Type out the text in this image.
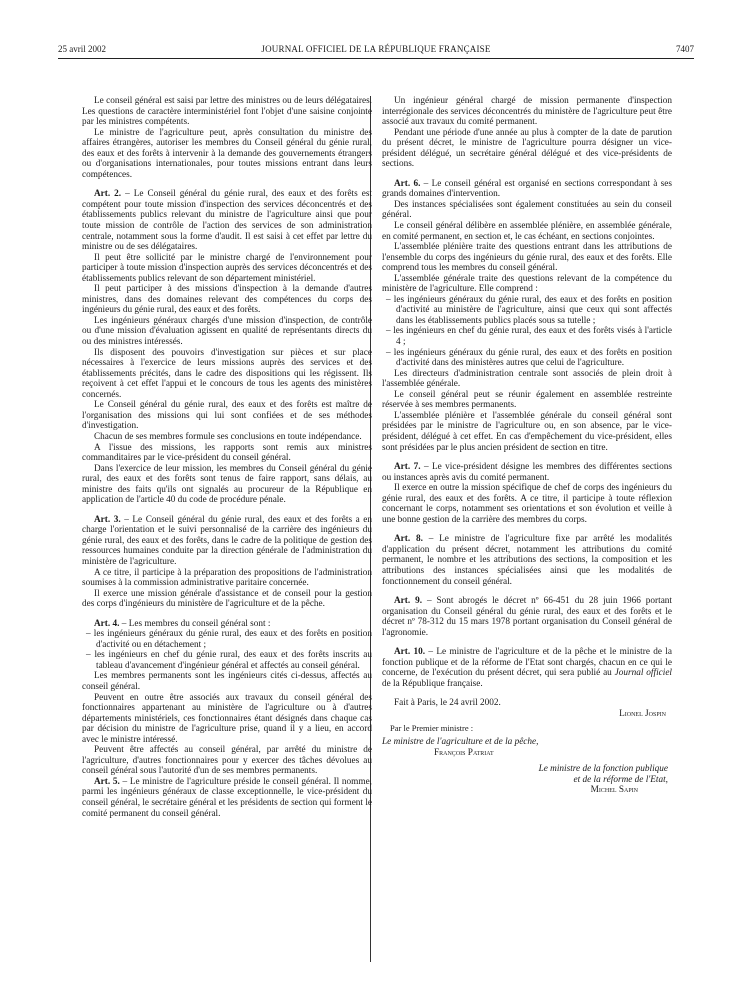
25 avril 2002	JOURNAL OFFICIEL DE LA RÉPUBLIQUE FRANÇAISE	7407

Le conseil général est saisi par lettre des ministres ou de leurs délégataires. Les questions de caractère interministériel font l'objet d'une saisine conjointe par les ministres compétents.

Le ministre de l'agriculture peut, après consultation du ministre des affaires étrangères, autoriser les membres du Conseil général du génie rural, des eaux et des forêts à intervenir à la demande des gouvernements étrangers ou d'organisations internationales, pour toutes missions entrant dans leurs compétences.

Art. 2. – Le Conseil général du génie rural, des eaux et des forêts est compétent pour toute mission d'inspection des services déconcentrés et des établissements publics relevant du ministre de l'agriculture ainsi que pour toute mission de contrôle de l'action des services de son administration centrale, notamment sous la forme d'audit. Il est saisi à cet effet par lettre du ministre ou de ses délégataires.

Il peut être sollicité par le ministre chargé de l'environnement pour participer à toute mission d'inspection auprès des services déconcentrés et des établissements publics relevant de son département ministériel.

Il peut participer à des missions d'inspection à la demande d'autres ministres, dans des domaines relevant des compétences du corps des ingénieurs du génie rural, des eaux et des forêts.

Les ingénieurs généraux chargés d'une mission d'inspection, de contrôle ou d'une mission d'évaluation agissent en qualité de représentants directs du ou des ministres intéressés.

Ils disposent des pouvoirs d'investigation sur pièces et sur place nécessaires à l'exercice de leurs missions auprès des services et des établissements précités, dans le cadre des dispositions qui les régissent. Ils reçoivent à cet effet l'appui et le concours de tous les agents des ministères concernés.

Le Conseil général du génie rural, des eaux et des forêts est maître de l'organisation des missions qui lui sont confiées et de ses méthodes d'investigation.

Chacun de ses membres formule ses conclusions en toute indépendance.

A l'issue des missions, les rapports sont remis aux ministres commanditaires par le vice-président du conseil général.

Dans l'exercice de leur mission, les membres du Conseil général du génie rural, des eaux et des forêts sont tenus de faire rapport, sans délais, au ministre des faits qu'ils ont signalés au procureur de la République en application de l'article 40 du code de procédure pénale.

Art. 3. – Le Conseil général du génie rural, des eaux et des forêts a en charge l'orientation et le suivi personnalisé de la carrière des ingénieurs du génie rural, des eaux et des forêts, dans le cadre de la politique de gestion des ressources humaines conduite par la direction générale de l'administration du ministère de l'agriculture.

A ce titre, il participe à la préparation des propositions de l'administration soumises à la commission administrative paritaire concernée.

Il exerce une mission générale d'assistance et de conseil pour la gestion des corps d'ingénieurs du ministère de l'agriculture et de la pêche.

Art. 4. – Les membres du conseil général sont :

– les ingénieurs généraux du génie rural, des eaux et des forêts en position d'activité ou en détachement ;
– les ingénieurs en chef du génie rural, des eaux et des forêts inscrits au tableau d'avancement d'ingénieur général et affectés au conseil général.

Les membres permanents sont les ingénieurs cités ci-dessus, affectés au conseil général.

Peuvent en outre être associés aux travaux du conseil général des fonctionnaires appartenant au ministère de l'agriculture ou à d'autres départements ministériels, ces fonctionnaires étant désignés dans chaque cas par décision du ministre de l'agriculture prise, quand il y a lieu, en accord avec le ministre intéressé.

Peuvent être affectés au conseil général, par arrêté du ministre de l'agriculture, d'autres fonctionnaires pour y exercer des tâches dévolues au conseil général sous l'autorité d'un de ses membres permanents.

Art. 5. – Le ministre de l'agriculture préside le conseil général. Il nomme, parmi les ingénieurs généraux de classe exceptionnelle, le vice-président du conseil général, le secrétaire général et les présidents de section qui forment le comité permanent du conseil général.

Un ingénieur général chargé de mission permanente d'inspection interrégionale des services déconcentrés du ministère de l'agriculture peut être associé aux travaux du comité permanent.

Pendant une période d'une année au plus à compter de la date de parution du présent décret, le ministre de l'agriculture pourra désigner un vice-président délégué, un secrétaire général délégué et des vice-présidents de sections.

Art. 6. – Le conseil général est organisé en sections correspondant à ses grands domaines d'intervention.

Des instances spécialisées sont également constituées au sein du conseil général.

Le conseil général délibère en assemblée plénière, en assemblée générale, en comité permanent, en section et, le cas échéant, en sections conjointes.

L'assemblée plénière traite des questions entrant dans les attributions de l'ensemble du corps des ingénieurs du génie rural, des eaux et des forêts. Elle comprend tous les membres du conseil général.

L'assemblée générale traite des questions relevant de la compétence du ministère de l'agriculture. Elle comprend :

– les ingénieurs généraux du génie rural, des eaux et des forêts en position d'activité au ministère de l'agriculture, ainsi que ceux qui sont affectés dans les établissements publics placés sous sa tutelle ;
– les ingénieurs en chef du génie rural, des eaux et des forêts visés à l'article 4 ;
– les ingénieurs généraux du génie rural, des eaux et des forêts en position d'activité dans des ministères autres que celui de l'agriculture.

Les directeurs d'administration centrale sont associés de plein droit à l'assemblée générale.

Le conseil général peut se réunir également en assemblée restreinte réservée à ses membres permanents.

L'assemblée plénière et l'assemblée générale du conseil général sont présidées par le ministre de l'agriculture ou, en son absence, par le vice-président, délégué à cet effet. En cas d'empêchement du vice-président, elles sont présidées par le plus ancien président de section en titre.

Art. 7. – Le vice-président désigne les membres des différentes sections ou instances après avis du comité permanent.

Il exerce en outre la mission spécifique de chef de corps des ingénieurs du génie rural, des eaux et des forêts. A ce titre, il participe à toute réflexion concernant le corps, notamment ses orientations et son évolution et veille à une bonne gestion de la carrière des membres du corps.

Art. 8. – Le ministre de l'agriculture fixe par arrêté les modalités d'application du présent décret, notamment les attributions du comité permanent, le nombre et les attributions des sections, la composition et les attributions des instances spécialisées ainsi que les modalités de fonctionnement du conseil général.

Art. 9. – Sont abrogés le décret nº 66-451 du 28 juin 1966 portant organisation du Conseil général du génie rural, des eaux et des forêts et le décret nº 78-312 du 15 mars 1978 portant organisation du Conseil général de l'agronomie.

Art. 10. – Le ministre de l'agriculture et de la pêche et le ministre de la fonction publique et de la réforme de l'Etat sont chargés, chacun en ce qui le concerne, de l'exécution du présent décret, qui sera publié au Journal officiel de la République française.

Fait à Paris, le 24 avril 2002.

Lionel Jospin
Par le Premier ministre :
Le ministre de l'agriculture et de la pêche,
François Patriat
Le ministre de la fonction publique
et de la réforme de l'Etat,
Michel Sapin
